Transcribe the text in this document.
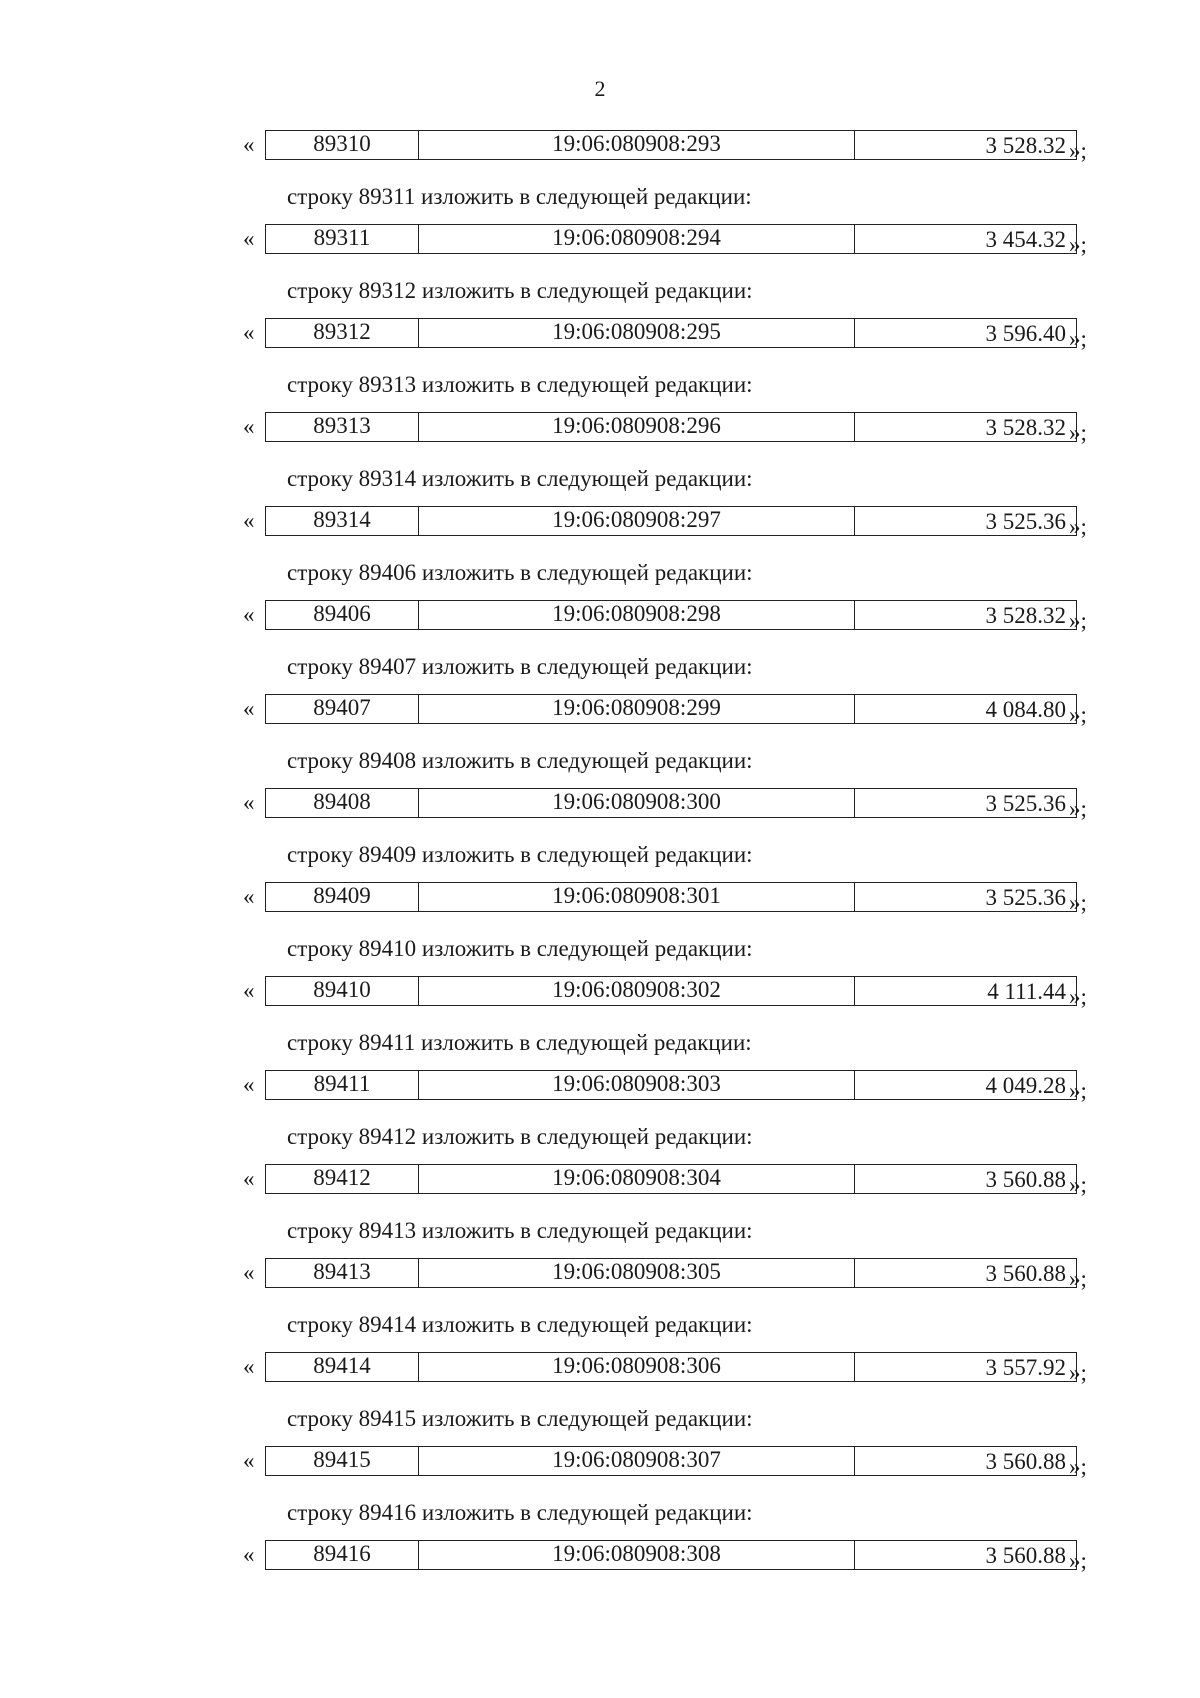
2
«	89310	19:06:080908:293	3 528.32 »;
строку 89311 изложить в следующей редакции:
«	89311	19:06:080908:294	3 454.32 »;
строку 89312 изложить в следующей редакции:
«	89312	19:06:080908:295	3 596.40 »;
строку 89313 изложить в следующей редакции:
«	89313	19:06:080908:296	3 528.32 »;
строку 89314 изложить в следующей редакции:
«	89314	19:06:080908:297	3 525.36 »;
строку 89406 изложить в следующей редакции:
«	89406	19:06:080908:298	3 528.32 »;
строку 89407 изложить в следующей редакции:
«	89407	19:06:080908:299	4 084.80 »;
строку 89408 изложить в следующей редакции:
«	89408	19:06:080908:300	3 525.36 »;
строку 89409 изложить в следующей редакции:
«	89409	19:06:080908:301	3 525.36 »;
строку 89410 изложить в следующей редакции:
«	89410	19:06:080908:302	4 111.44 »;
строку 89411 изложить в следующей редакции:
«	89411	19:06:080908:303	4 049.28 »;
строку 89412 изложить в следующей редакции:
«	89412	19:06:080908:304	3 560.88 »;
строку 89413 изложить в следующей редакции:
«	89413	19:06:080908:305	3 560.88 »;
строку 89414 изложить в следующей редакции:
«	89414	19:06:080908:306	3 557.92 »;
строку 89415 изложить в следующей редакции:
«	89415	19:06:080908:307	3 560.88 »;
строку 89416 изложить в следующей редакции:
«	89416	19:06:080908:308	3 560.88 »;
